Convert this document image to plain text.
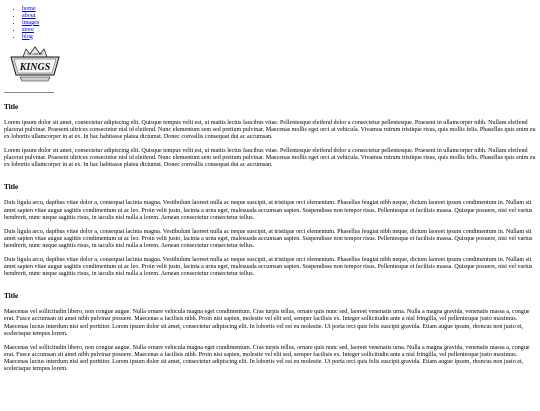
• home
• about
• images
• store
• blog
LOS ANGELES
KINGS
Title

Lorem ipsum dolor sit amet, consectetur adipiscing elit. Quisque tempus velit est, ut mattis lectus faucibus vitae. Pellentesque eleifend dolor a consectetur pellentesque. Praesent in ullamcorper nibh. Nullam eleifend placerat pulvinar. Praesent ultrices consectetur nisl id eleifend. Nunc elementum sem sed pretium pulvinar. Maecenas mollis eget orci at vehicula. Vivamus rutrum tristique risus, quis mollis felis. Phasellus quis enim eu ex lobortis ullamcorper in at ex. In hac habitasse platea dictumst. Donec convallis consequat dui ac accumsan.

Lorem ipsum dolor sit amet, consectetur adipiscing elit. Quisque tempus velit est, ut mattis lectus faucibus vitae. Pellentesque eleifend dolor a consectetur pellentesque. Praesent in ullamcorper nibh. Nullam eleifend placerat pulvinar. Praesent ultrices consectetur nisl id eleifend. Nunc elementum sem sed pretium pulvinar. Maecenas mollis eget orci at vehicula. Vivamus rutrum tristique risus, quis mollis felis. Phasellus quis enim eu ex lobortis ullamcorper in at ex. In hac habitasse platea dictumst. Donec convallis consequat dui ac accumsan.

Title

Duis ligula arcu, dapibus vitae dolor a, consequat lacinia magna. Vestibulum laoreet nulla ac neque suscipit, at tristique orci elementum. Phasellus feugiat nibh neque, dictum laoreet ipsum condimentum in. Nullam sit amet sapien vitae augue sagittis condimentum ut ac leo. Proin velit justo, lacinia a urna eget, malesuada accumsan sapien. Suspendisse non tempor risus. Pellentesque et facilisis massa. Quisque posuere, nisi vel varius hendrerit, nunc neque sagittis risus, in iaculis nisl nulla a lorem. Aenean consectetur consectetur tellus.

Duis ligula arcu, dapibus vitae dolor a, consequat lacinia magna. Vestibulum laoreet nulla ac neque suscipit, at tristique orci elementum. Phasellus feugiat nibh neque, dictum laoreet ipsum condimentum in. Nullam sit amet sapien vitae augue sagittis condimentum ut ac leo. Proin velit justo, lacinia a urna eget, malesuada accumsan sapien. Suspendisse non tempor risus. Pellentesque et facilisis massa. Quisque posuere, nisi vel varius hendrerit, nunc neque sagittis risus, in iaculis nisl nulla a lorem. Aenean consectetur consectetur tellus.

Duis ligula arcu, dapibus vitae dolor a, consequat lacinia magna. Vestibulum laoreet nulla ac neque suscipit, at tristique orci elementum. Phasellus feugiat nibh neque, dictum laoreet ipsum condimentum in. Nullam sit amet sapien vitae augue sagittis condimentum ut ac leo. Proin velit justo, lacinia a urna eget, malesuada accumsan sapien. Suspendisse non tempor risus. Pellentesque et facilisis massa. Quisque posuere, nisi vel varius hendrerit, nunc neque sagittis risus, in iaculis nisl nulla a lorem. Aenean consectetur consectetur tellus.

Title

Maecenas vel sollicitudin libero, non congue augue. Nulla ornare vehicula magna eget condimentum. Cras turpis tellus, ornare quis nunc sed, laoreet venenatis urna. Nulla a magna gravida, venenatis massa a, congue erat. Fusce accumsan sit amet nibh pulvinar posuere. Maecenas a facilisis nibh. Proin nisi sapien, molestie vel elit sed, semper facilisis ex. Integer sollicitudin ante a nisl fringilla, vel pellentesque justo maximus. Maecenas luctus interdum nisi sed porttitor. Lorem ipsum dolor sit amet, consectetur adipiscing elit. In lobortis vel est eu molestie. Ut porta orci quis felis suscipit gravida. Etiam augue ipsum, rhoncus non justo et, scelerisque tempus lorem.

Maecenas vel sollicitudin libero, non congue augue. Nulla ornare vehicula magna eget condimentum. Cras turpis tellus, ornare quis nunc sed, laoreet venenatis urna. Nulla a magna gravida, venenatis massa a, congue erat. Fusce accumsan sit amet nibh pulvinar posuere. Maecenas a facilisis nibh. Proin nisi sapien, molestie vel elit sed, semper facilisis ex. Integer sollicitudin ante a nisl fringilla, vel pellentesque justo maximus. Maecenas luctus interdum nisi sed porttitor. Lorem ipsum dolor sit amet, consectetur adipiscing elit. In lobortis vel est eu molestie. Ut porta orci quis felis suscipit gravida. Etiam augue ipsum, rhoncus non justo et, scelerisque tempus lorem.
